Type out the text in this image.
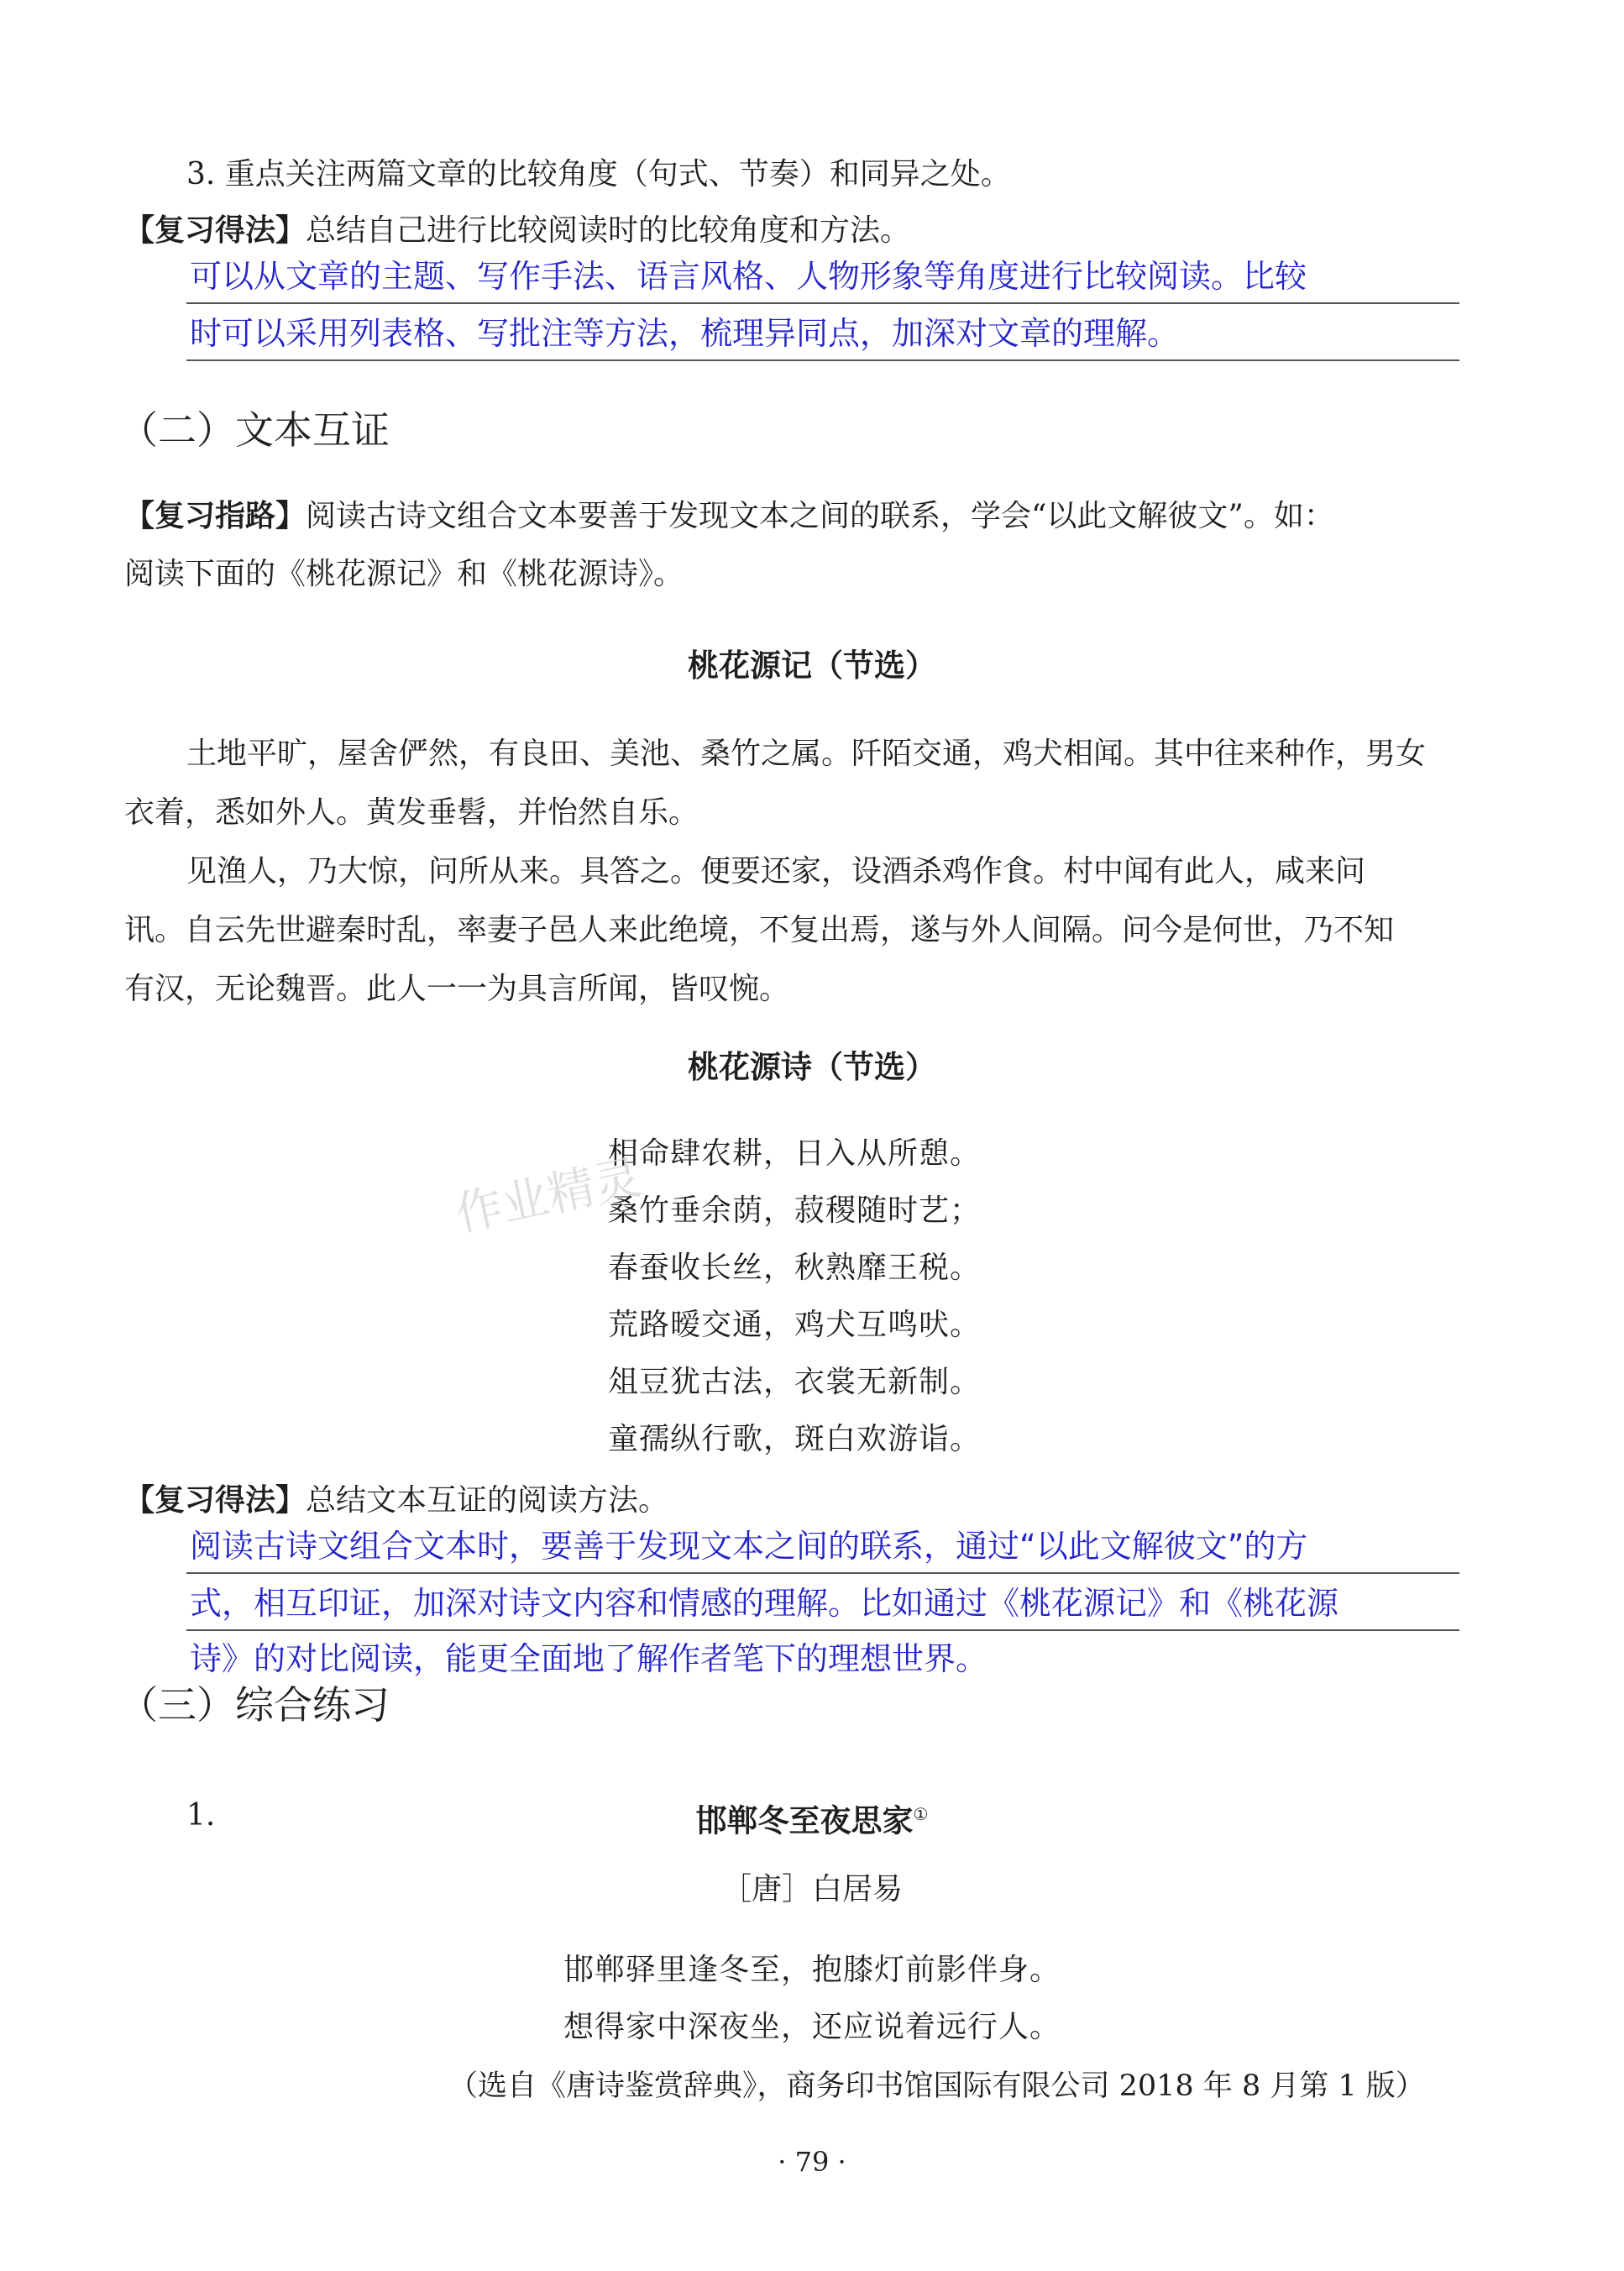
3. 重点关注两篇文章的比较角度（句式、节奏）和同异之处。
【复习得法】总结自己进行比较阅读时的比较角度和方法。
可以从文章的主题、写作手法、语言风格、人物形象等角度进行比较阅读。比较
时可以采用列表格、写批注等方法，梳理异同点，加深对文章的理解。
（二）文本互证
【复习指路】阅读古诗文组合文本要善于发现文本之间的联系，学会“以此文解彼文”。如：
阅读下面的《桃花源记》和《桃花源诗》。
桃花源记（节选）
土地平旷，屋舍俨然，有良田、美池、桑竹之属。阡陌交通，鸡犬相闻。其中往来种作，男女
衣着，悉如外人。黄发垂髫，并怡然自乐。
见渔人，乃大惊，问所从来。具答之。便要还家，设酒杀鸡作食。村中闻有此人，咸来问
讯。自云先世避秦时乱，率妻子邑人来此绝境，不复出焉，遂与外人间隔。问今是何世，乃不知
有汉，无论魏晋。此人一一为具言所闻，皆叹惋。
桃花源诗（节选）
相命肆农耕，日入从所憩。
桑竹垂余荫，菽稷随时艺；
春蚕收长丝，秋熟靡王税。
荒路暧交通，鸡犬互鸣吠。
俎豆犹古法，衣裳无新制。
童孺纵行歌，斑白欢游诣。
作业精灵
【复习得法】总结文本互证的阅读方法。
阅读古诗文组合文本时，要善于发现文本之间的联系，通过“以此文解彼文”的方
式，相互印证，加深对诗文内容和情感的理解。比如通过《桃花源记》和《桃花源
诗》的对比阅读，能更全面地了解作者笔下的理想世界。
（三）综合练习
1.	邯郸冬至夜思家①
［唐］白居易
邯郸驿里逢冬至，抱膝灯前影伴身。
想得家中深夜坐，还应说着远行人。
（选自《唐诗鉴赏辞典》，商务印书馆国际有限公司 2018 年 8 月第 1 版）
· 79 ·
